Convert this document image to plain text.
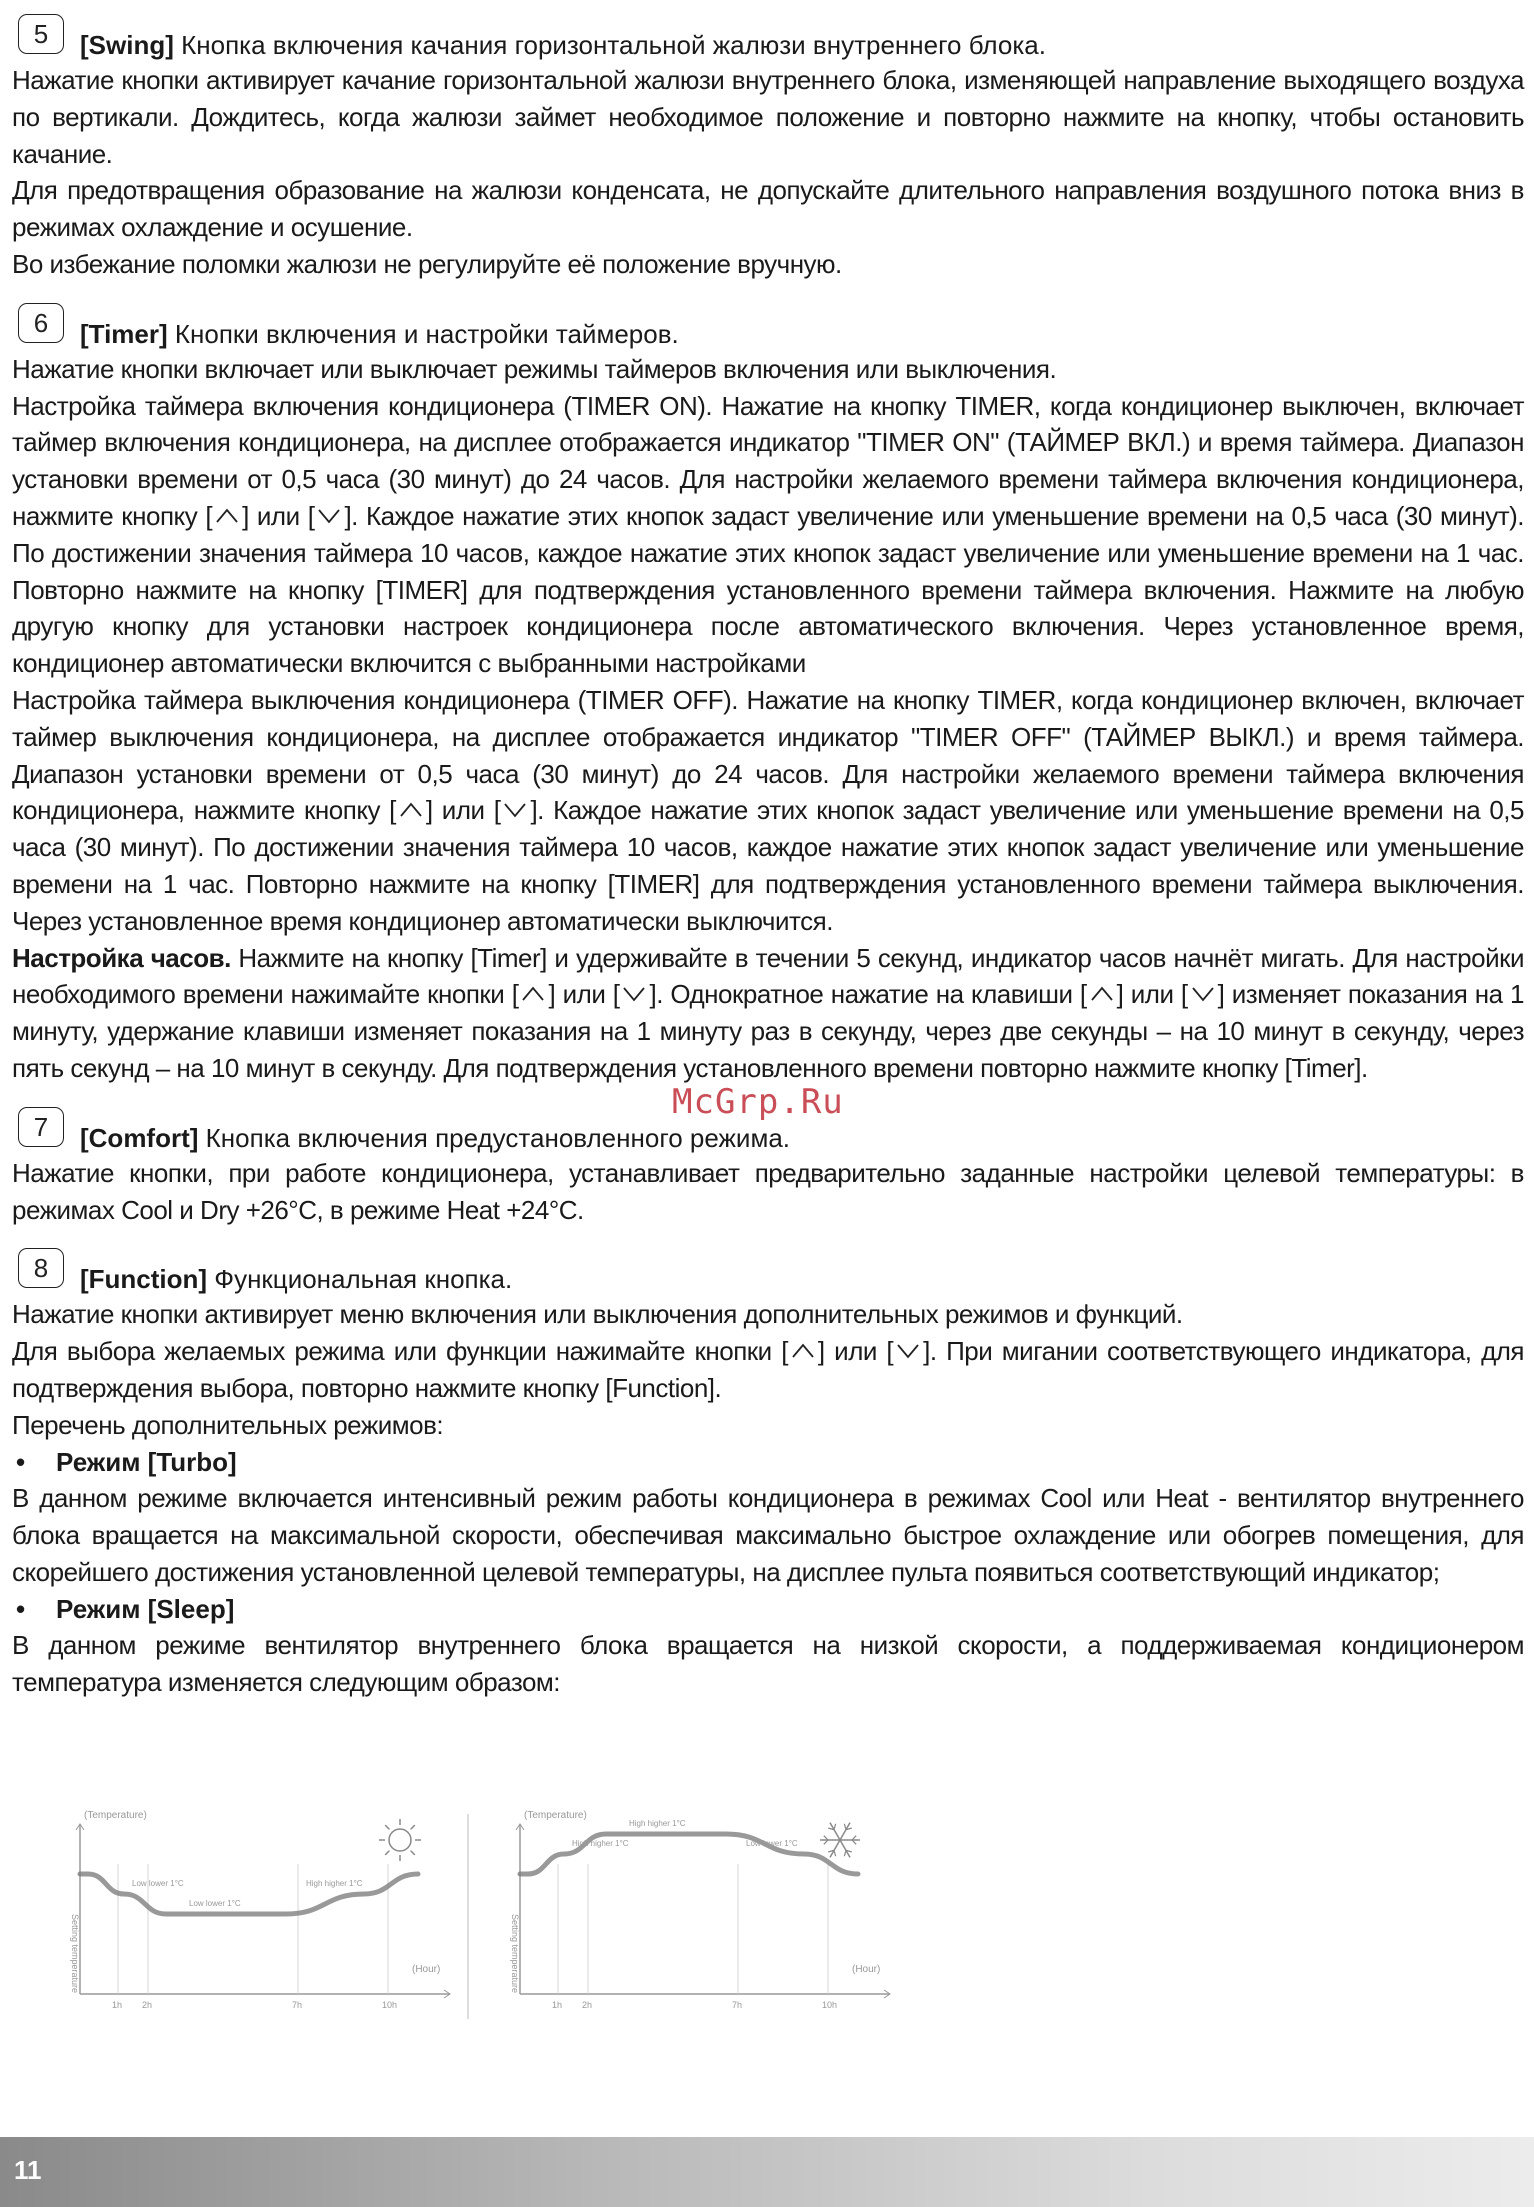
5	[Swing] Кнопка включения качания горизонтальной жалюзи внутреннего блока.

Нажатие кнопки активирует качание горизонтальной жалюзи внутреннего блока, изменяющей направление выходящего воздуха по вертикали. Дождитесь, когда жалюзи займет необходимое положение и повторно нажмите на кнопку, чтобы остановить качание.

Для предотвращения образование на жалюзи конденсата, не допускайте длительного направления воздушного потока вниз в режимах охлаждение и осушение.

Во избежание поломки жалюзи не регулируйте её положение вручную.

6	[Timer] Кнопки включения и настройки таймеров.

Нажатие кнопки включает или выключает режимы таймеров включения или выключения.

Настройка таймера включения кондиционера (TIMER ON). Нажатие на кнопку TIMER, когда кондиционер выключен, включает таймер включения кондиционера, на дисплее отображается индикатор "TIMER ON" (ТАЙМЕР ВКЛ.) и время таймера. Диапазон установки времени от 0,5 часа (30 минут) до 24 часов. Для настройки желаемого времени таймера включения кондиционера, нажмите кнопку [ ] или [ ]. Каждое нажатие этих кнопок задаст увеличение или уменьшение времени на 0,5 часа (30 минут). По достижении значения таймера 10 часов, каждое нажатие этих кнопок задаст увеличение или уменьшение времени на 1 час. Повторно нажмите на кнопку [TIMER] для подтверждения установленного времени таймера включения. Нажмите на любую другую кнопку для установки настроек кондиционера после автоматического включения. Через установленное время, кондиционер автоматически включится с выбранными настройками

Настройка таймера выключения кондиционера (TIMER OFF). Нажатие на кнопку TIMER, когда кондиционер включен, включает таймер выключения кондиционера, на дисплее отображается индикатор "TIMER OFF" (ТАЙМЕР ВЫКЛ.) и время таймера. Диапазон установки времени от 0,5 часа (30 минут) до 24 часов. Для настройки желаемого времени таймера включения кондиционера, нажмите кнопку [ ] или [ ]. Каждое нажатие этих кнопок задаст увеличение или уменьшение времени на 0,5 часа (30 минут). По достижении значения таймера 10 часов, каждое нажатие этих кнопок задаст увеличение или уменьшение времени на 1 час. Повторно нажмите на кнопку [TIMER] для подтверждения установленного времени таймера выключения. Через установленное время кондиционер автоматически выключится.

Настройка часов. Нажмите на кнопку [Timer] и удерживайте в течении 5 секунд, индикатор часов начнёт мигать. Для настройки необходимого времени нажимайте кнопки [ ] или [ ]. Однократное нажатие на клавиши [ ] или [ ] изменяет показания на 1 минуту, удержание клавиши изменяет показания на 1 минуту раз в секунду, через две секунды – на 10 минут в секунду, через пять секунд – на 10 минут в секунду. Для подтверждения установленного времени повторно нажмите кнопку [Timer].

7	[Comfort] Кнопка включения предустановленного режима.

Нажатие кнопки, при работе кондиционера, устанавливает предварительно заданные настройки целевой температуры: в режимах Cool и Dry +26°C, в режиме Heat +24°C.

8	[Function] Функциональная кнопка.

Нажатие кнопки активирует меню включения или выключения дополнительных режимов и функций.

Для выбора желаемых режима или функции нажимайте кнопки [ ] или [ ]. При мигании соответствующего индикатора, для подтверждения выбора, повторно нажмите кнопку [Function].

Перечень дополнительных режимов:

• Режим [Turbo]

В данном режиме включается интенсивный режим работы кондиционера в режимах Cool или Heat - вентилятор внутреннего блока вращается на максимальной скорости, обеспечивая максимально быстрое охлаждение или обогрев помещения, для скорейшего достижения установленной целевой температуры, на дисплее пульта появиться соответствующий индикатор;

• Режим [Sleep]

В данном режиме вентилятор внутреннего блока вращается на низкой скорости, а поддерживаемая кондиционером температура изменяется следующим образом:

McGrp.Ru
(Temperature)
(Hour)
Setting temperature
1h 2h	7h	10h
Low lower 1°C
Low lower 1°C
High higher 1°C
(Temperature)
(Hour)
Setting temperature
1h 2h	7h	10h
High higher 1°C
High higher 1°C
Low lower 1°C
11
